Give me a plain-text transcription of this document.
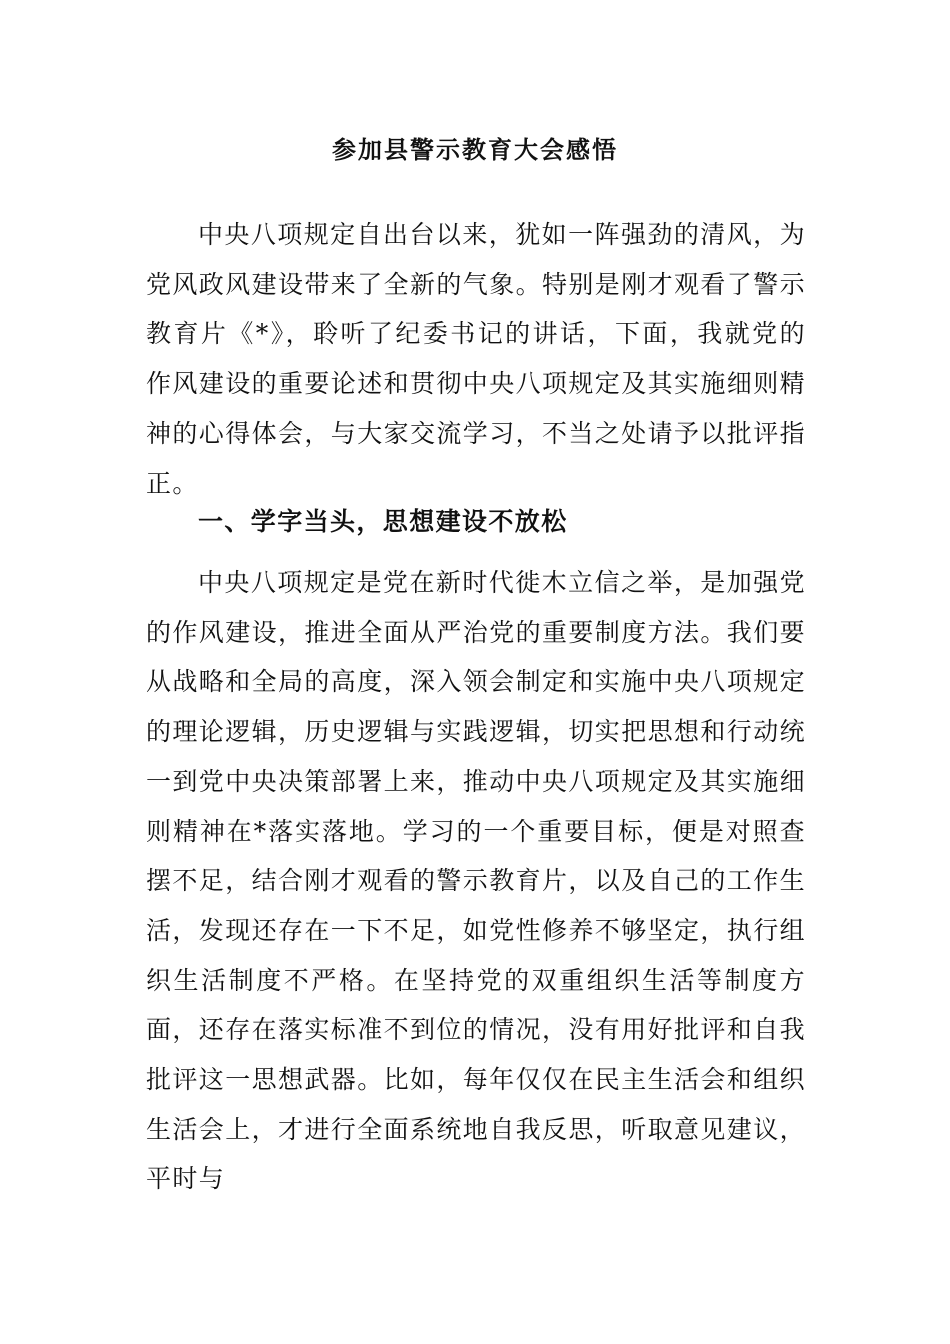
参加县警示教育大会感悟

中央八项规定自出台以来，犹如一阵强劲的清风，为党风政风建设带来了全新的气象。特别是刚才观看了警示教育片《*》，聆听了纪委书记的讲话，下面，我就党的作风建设的重要论述和贯彻中央八项规定及其实施细则精神的心得体会，与大家交流学习，不当之处请予以批评指正。

一、学字当头，思想建设不放松

中央八项规定是党在新时代徙木立信之举，是加强党的作风建设，推进全面从严治党的重要制度方法。我们要从战略和全局的高度，深入领会制定和实施中央八项规定的理论逻辑，历史逻辑与实践逻辑，切实把思想和行动统一到党中央决策部署上来，推动中央八项规定及其实施细则精神在*落实落地。学习的一个重要目标，便是对照查摆不足，结合刚才观看的警示教育片，以及自己的工作生活，发现还存在一下不足，如党性修养不够坚定，执行组织生活制度不严格。在坚持党的双重组织生活等制度方面，还存在落实标准不到位的情况，没有用好批评和自我批评这一思想武器。比如，每年仅仅在民主生活会和组织生活会上，才进行全面系统地自我反思，听取意见建议，平时与
